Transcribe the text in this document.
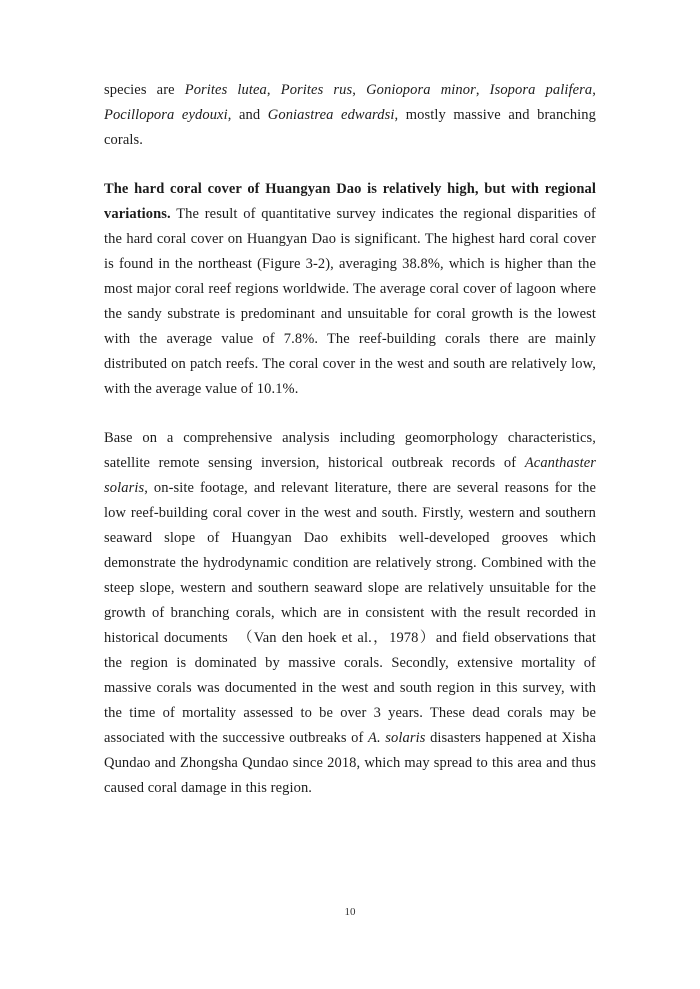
species are Porites lutea, Porites rus, Goniopora minor, Isopora palifera, Pocillopora eydouxi, and Goniastrea edwardsi, mostly massive and branching corals.

The hard coral cover of Huangyan Dao is relatively high, but with regional variations. The result of quantitative survey indicates the regional disparities of the hard coral cover on Huangyan Dao is significant. The highest hard coral cover is found in the northeast (Figure 3-2), averaging 38.8%, which is higher than the most major coral reef regions worldwide. The average coral cover of lagoon where the sandy substrate is predominant and unsuitable for coral growth is the lowest with the average value of 7.8%. The reef-building corals there are mainly distributed on patch reefs. The coral cover in the west and south are relatively low, with the average value of 10.1%.

Base on a comprehensive analysis including geomorphology characteristics, satellite remote sensing inversion, historical outbreak records of Acanthaster solaris, on-site footage, and relevant literature, there are several reasons for the low reef-building coral cover in the west and south. Firstly, western and southern seaward slope of Huangyan Dao exhibits well-developed grooves which demonstrate the hydrodynamic condition are relatively strong. Combined with the steep slope, western and southern seaward slope are relatively unsuitable for the growth of branching corals, which are in consistent with the result recorded in historical documents　（Van den hoek et al.，1978）and field observations that the region is dominated by massive corals. Secondly, extensive mortality of massive corals was documented in the west and south region in this survey, with the time of mortality assessed to be over 3 years. These dead corals may be associated with the successive outbreaks of A. solaris disasters happened at Xisha Qundao and Zhongsha Qundao since 2018, which may spread to this area and thus caused coral damage in this region.

10
